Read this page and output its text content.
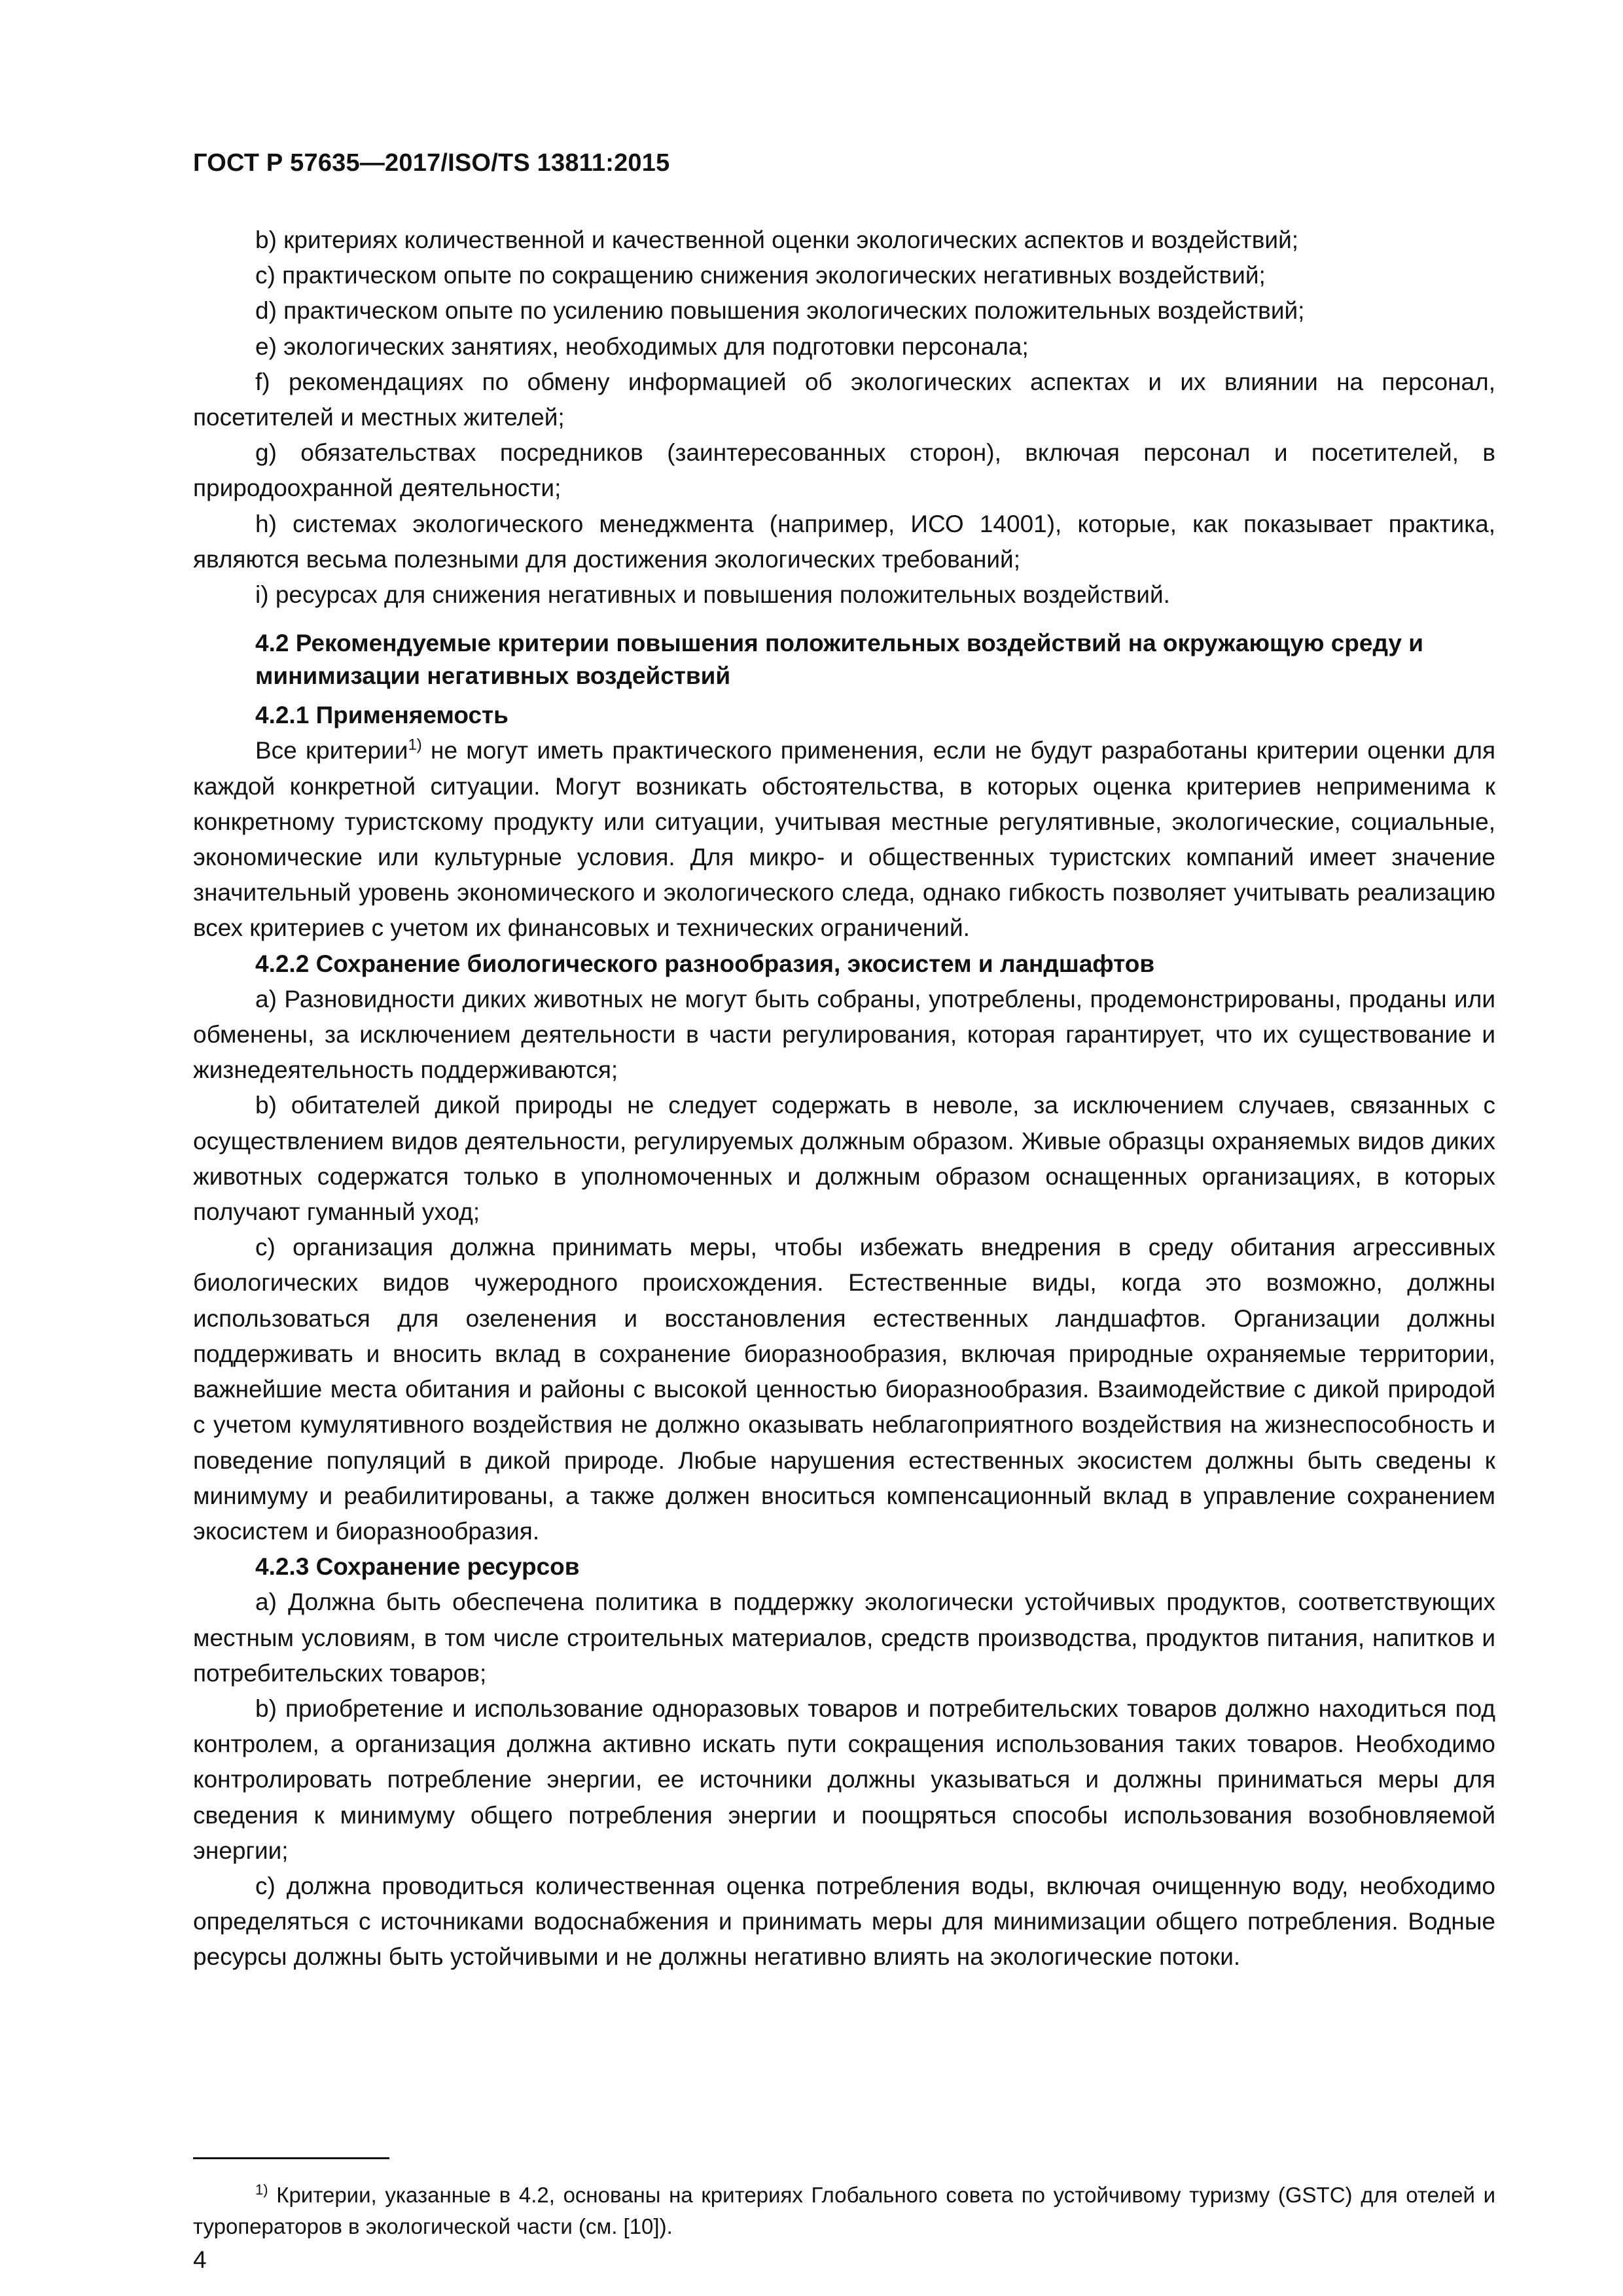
ГОСТ Р 57635—2017/ISO/TS 13811:2015

b) критериях количественной и качественной оценки экологических аспектов и воздействий;

c) практическом опыте по сокращению снижения экологических негативных воздействий;

d) практическом опыте по усилению повышения экологических положительных воздействий;

e) экологических занятиях, необходимых для подготовки персонала;

f) рекомендациях по обмену информацией об экологических аспектах и их влиянии на персонал, посетителей и местных жителей;

g) обязательствах посредников (заинтересованных сторон), включая персонал и посетителей, в природоохранной деятельности;

h) системах экологического менеджмента (например, ИСО 14001), которые, как показывает практика, являются весьма полезными для достижения экологических требований;

i) ресурсах для снижения негативных и повышения положительных воздействий.

4.2 Рекомендуемые критерии повышения положительных воздействий на окружающую среду и минимизации негативных воздействий
4.2.1 Применяемость

Все критерии$^{1)}$ не могут иметь практического применения, если не будут разработаны критерии оценки для каждой конкретной ситуации. Могут возникать обстоятельства, в которых оценка критериев неприменима к конкретному туристскому продукту или ситуации, учитывая местные регулятивные, экологические, социальные, экономические или культурные условия. Для микро- и общественных туристских компаний имеет значение значительный уровень экономического и экологического следа, однако гибкость позволяет учитывать реализацию всех критериев с учетом их финансовых и технических ограничений.

4.2.2 Сохранение биологического разнообразия, экосистем и ландшафтов

a) Разновидности диких животных не могут быть собраны, употреблены, продемонстрированы, проданы или обменены, за исключением деятельности в части регулирования, которая гарантирует, что их существование и жизнедеятельность поддерживаются;

b) обитателей дикой природы не следует содержать в неволе, за исключением случаев, связанных с осуществлением видов деятельности, регулируемых должным образом. Живые образцы охраняемых видов диких животных содержатся только в уполномоченных и должным образом оснащенных организациях, в которых получают гуманный уход;

c) организация должна принимать меры, чтобы избежать внедрения в среду обитания агрессивных биологических видов чужеродного происхождения. Естественные виды, когда это возможно, должны использоваться для озеленения и восстановления естественных ландшафтов. Организации должны поддерживать и вносить вклад в сохранение биоразнообразия, включая природные охраняемые территории, важнейшие места обитания и районы с высокой ценностью биоразнообразия. Взаимодействие с дикой природой с учетом кумулятивного воздействия не должно оказывать неблагоприятного воздействия на жизнеспособность и поведение популяций в дикой природе. Любые нарушения естественных экосистем должны быть сведены к минимуму и реабилитированы, а также должен вноситься компенсационный вклад в управление сохранением экосистем и биоразнообразия.

4.2.3 Сохранение ресурсов

a) Должна быть обеспечена политика в поддержку экологически устойчивых продуктов, соответствующих местным условиям, в том числе строительных материалов, средств производства, продуктов питания, напитков и потребительских товаров;

b) приобретение и использование одноразовых товаров и потребительских товаров должно находиться под контролем, а организация должна активно искать пути сокращения использования таких товаров. Необходимо контролировать потребление энергии, ее источники должны указываться и должны приниматься меры для сведения к минимуму общего потребления энергии и поощряться способы использования возобновляемой энергии;

c) должна проводиться количественная оценка потребления воды, включая очищенную воду, необходимо определяться с источниками водоснабжения и принимать меры для минимизации общего потребления. Водные ресурсы должны быть устойчивыми и не должны негативно влиять на экологические потоки.

$^{1)}$ Критерии, указанные в 4.2, основаны на критериях Глобального совета по устойчивому туризму (GSTC) для отелей и туроператоров в экологической части (см. [10]).
4
